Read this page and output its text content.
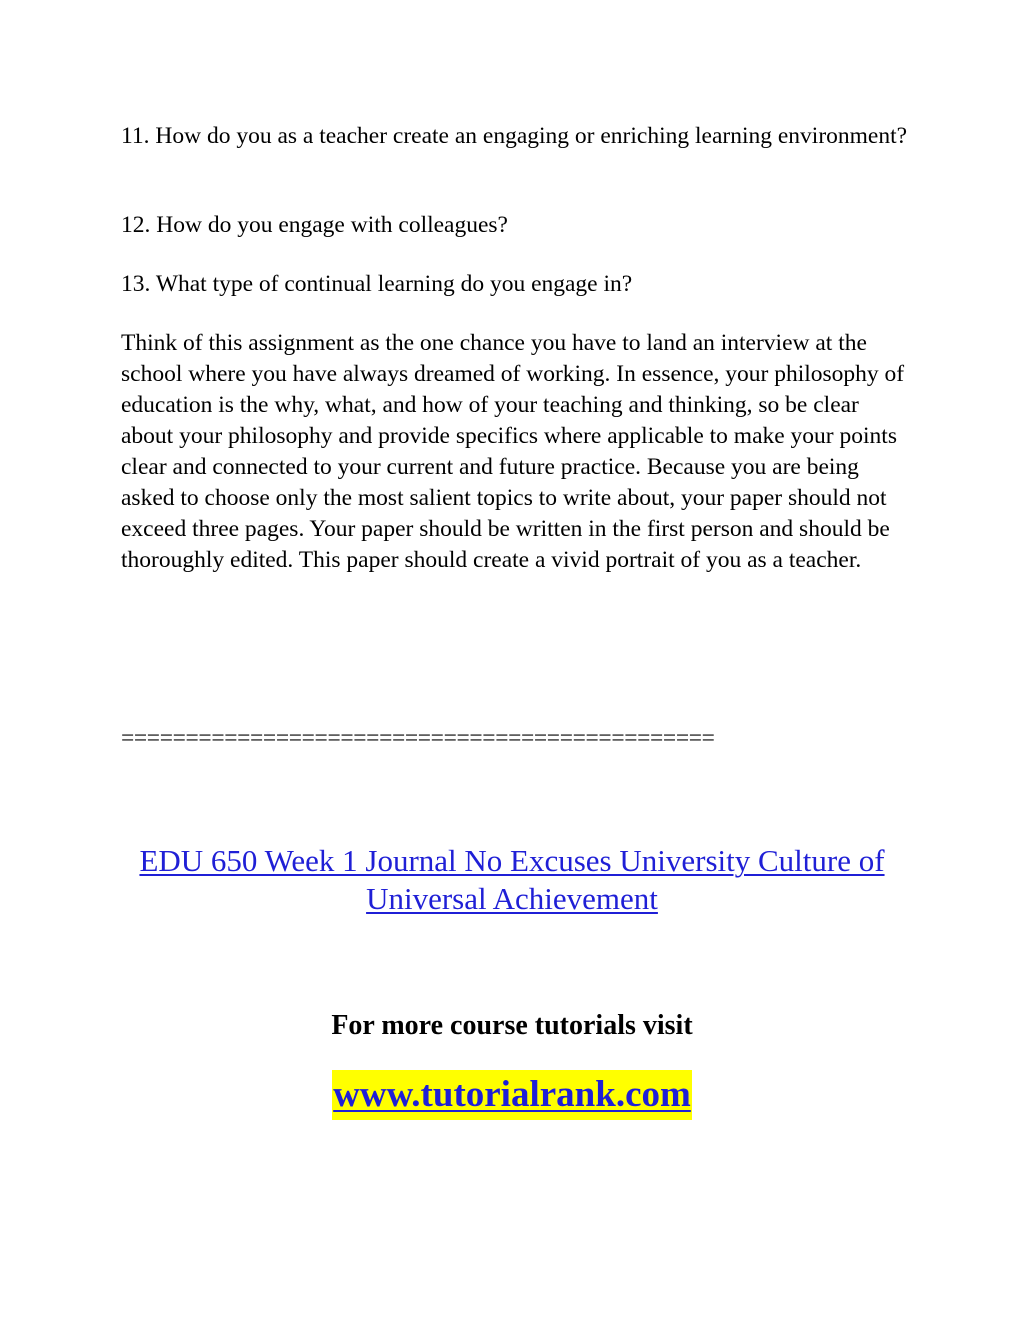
11. How do you as a teacher create an engaging or enriching learning environment?

12. How do you engage with colleagues?

13. What type of continual learning do you engage in?

Think of this assignment as the one chance you have to land an interview at the school where you have always dreamed of working. In essence, your philosophy of education is the why, what, and how of your teaching and thinking, so be clear about your philosophy and provide specifics where applicable to make your points clear and connected to your current and future practice. Because you are being asked to choose only the most salient topics to write about, your paper should not exceed three pages. Your paper should be written in the first person and should be thoroughly edited. This paper should create a vivid portrait of you as a teacher.

==============================================
EDU 650 Week 1 Journal No Excuses University Culture of Universal Achievement
For more course tutorials visit
www.tutorialrank.com
